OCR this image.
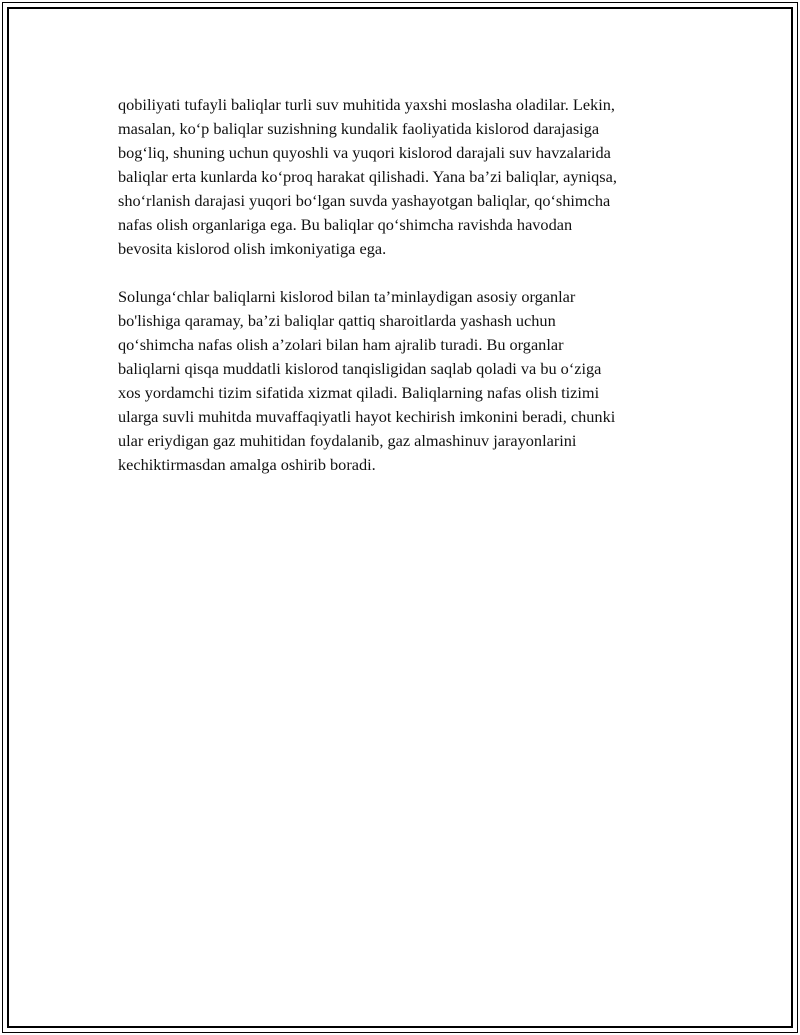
qobiliyati tufayli baliqlar turli suv muhitida yaxshi moslasha oladilar. Lekin,
masalan, ko‘p baliqlar suzishning kundalik faoliyatida kislorod darajasiga
bog‘liq, shuning uchun quyoshli va yuqori kislorod darajali suv havzalarida
baliqlar erta kunlarda ko‘proq harakat qilishadi. Yana ba’zi baliqlar, ayniqsa,
sho‘rlanish darajasi yuqori bo‘lgan suvda yashayotgan baliqlar, qo‘shimcha
nafas olish organlariga ega. Bu baliqlar qo‘shimcha ravishda havodan
bevosita kislorod olish imkoniyatiga ega.

Solunga‘chlar baliqlarni kislorod bilan ta’minlaydigan asosiy organlar
bo'lishiga qaramay, ba’zi baliqlar qattiq sharoitlarda yashash uchun
qo‘shimcha nafas olish a’zolari bilan ham ajralib turadi. Bu organlar
baliqlarni qisqa muddatli kislorod tanqisligidan saqlab qoladi va bu o‘ziga
xos yordamchi tizim sifatida xizmat qiladi. Baliqlarning nafas olish tizimi
ularga suvli muhitda muvaffaqiyatli hayot kechirish imkonini beradi, chunki
ular eriydigan gaz muhitidan foydalanib, gaz almashinuv jarayonlarini
kechiktirmasdan amalga oshirib boradi.
